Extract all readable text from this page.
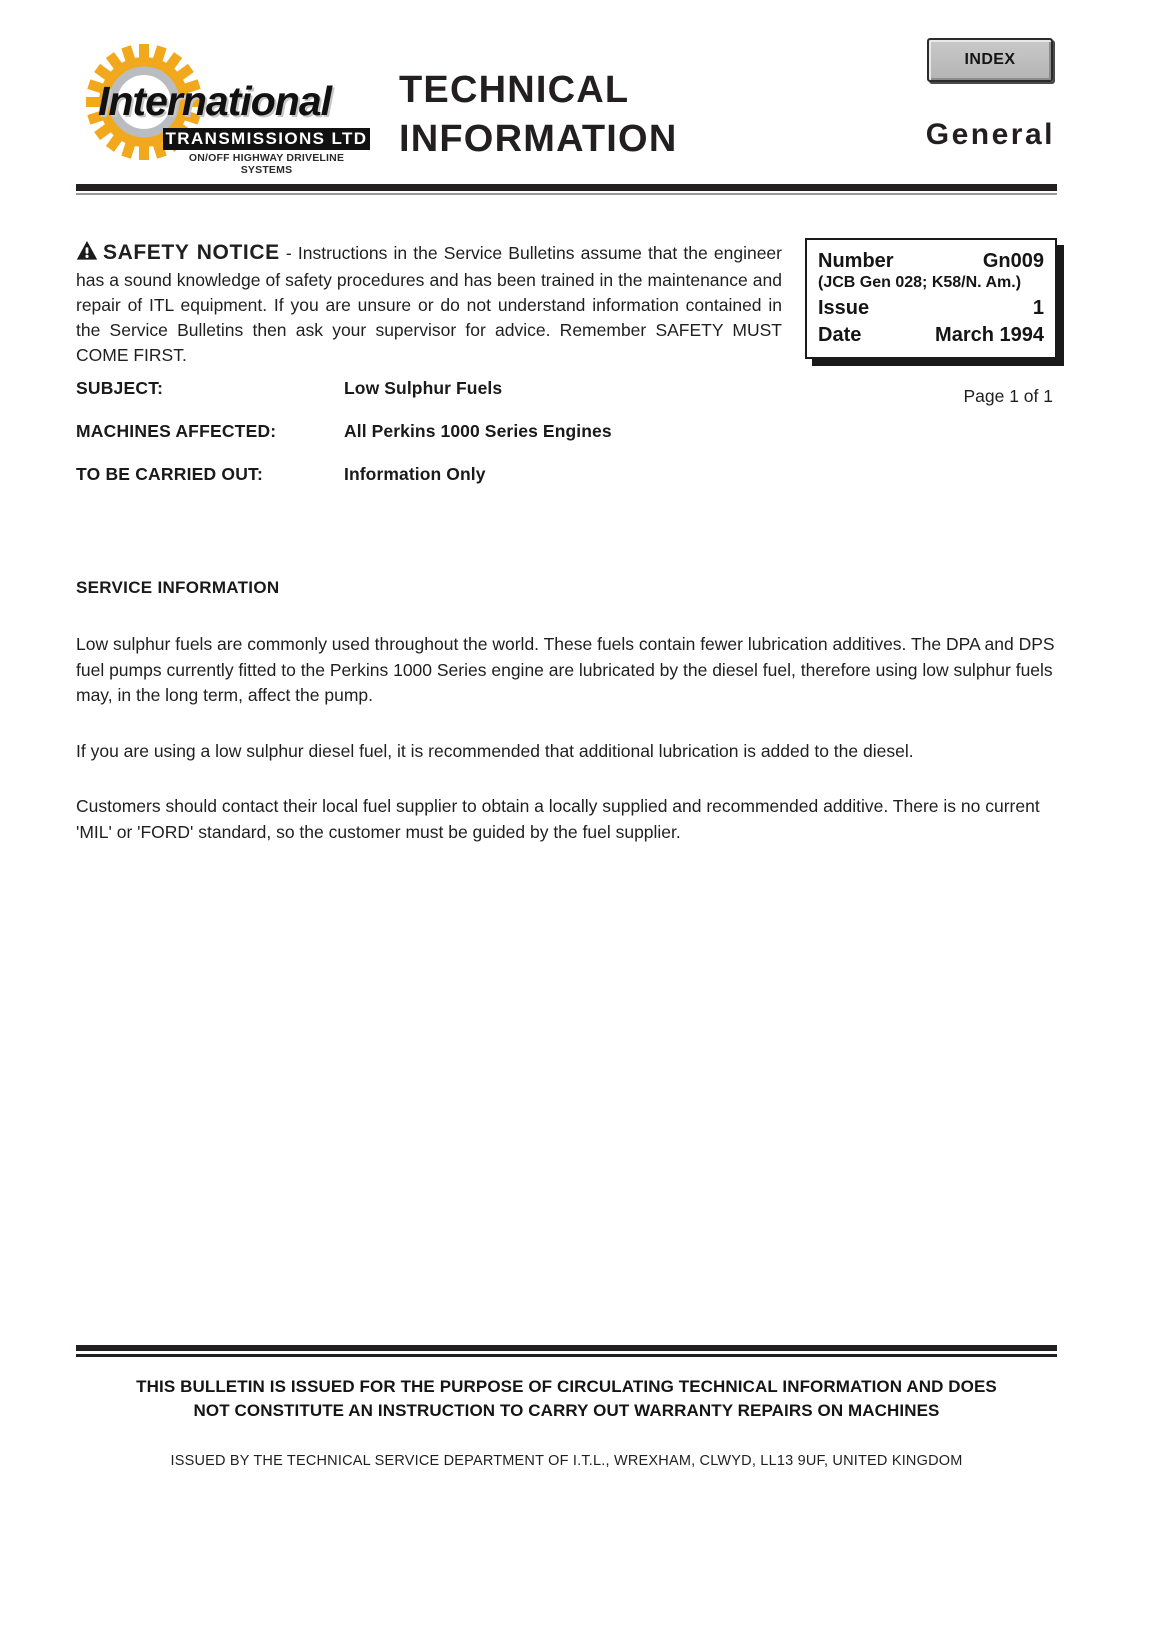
International
TRANSMISSIONS LTD
ON/OFF HIGHWAY DRIVELINE SYSTEMS
TECHNICAL
INFORMATION
INDEX
General

SAFETY NOTICE - Instructions in the Service Bulletins assume that the engineer has a sound knowledge of safety procedures and has been trained in the maintenance and repair of ITL equipment. If you are unsure or do not understand information contained in the Service Bulletins then ask your supervisor for advice. Remember SAFETY MUST COME FIRST.

Number	Gn009
(JCB Gen 028; K58/N. Am.)
Issue	1
Date	March 1994
Page 1 of 1
SUBJECT:	Low Sulphur Fuels
MACHINES AFFECTED:	All Perkins 1000 Series Engines
TO BE CARRIED OUT:	Information Only
SERVICE INFORMATION

Low sulphur fuels are commonly used throughout the world. These fuels contain fewer lubrication additives. The DPA and DPS fuel pumps currently fitted to the Perkins 1000 Series engine are lubricated by the diesel fuel, therefore using low sulphur fuels may, in the long term, affect the pump.

If you are using a low sulphur diesel fuel, it is recommended that additional lubrication is added to the diesel.

Customers should contact their local fuel supplier to obtain a locally supplied and recommended additive. There is no current 'MIL' or 'FORD' standard, so the customer must be guided by the fuel supplier.

THIS BULLETIN IS ISSUED FOR THE PURPOSE OF CIRCULATING TECHNICAL INFORMATION AND DOES
NOT CONSTITUTE AN INSTRUCTION TO CARRY OUT WARRANTY REPAIRS ON MACHINES
ISSUED BY THE TECHNICAL SERVICE DEPARTMENT OF I.T.L., WREXHAM, CLWYD, LL13 9UF, UNITED KINGDOM
